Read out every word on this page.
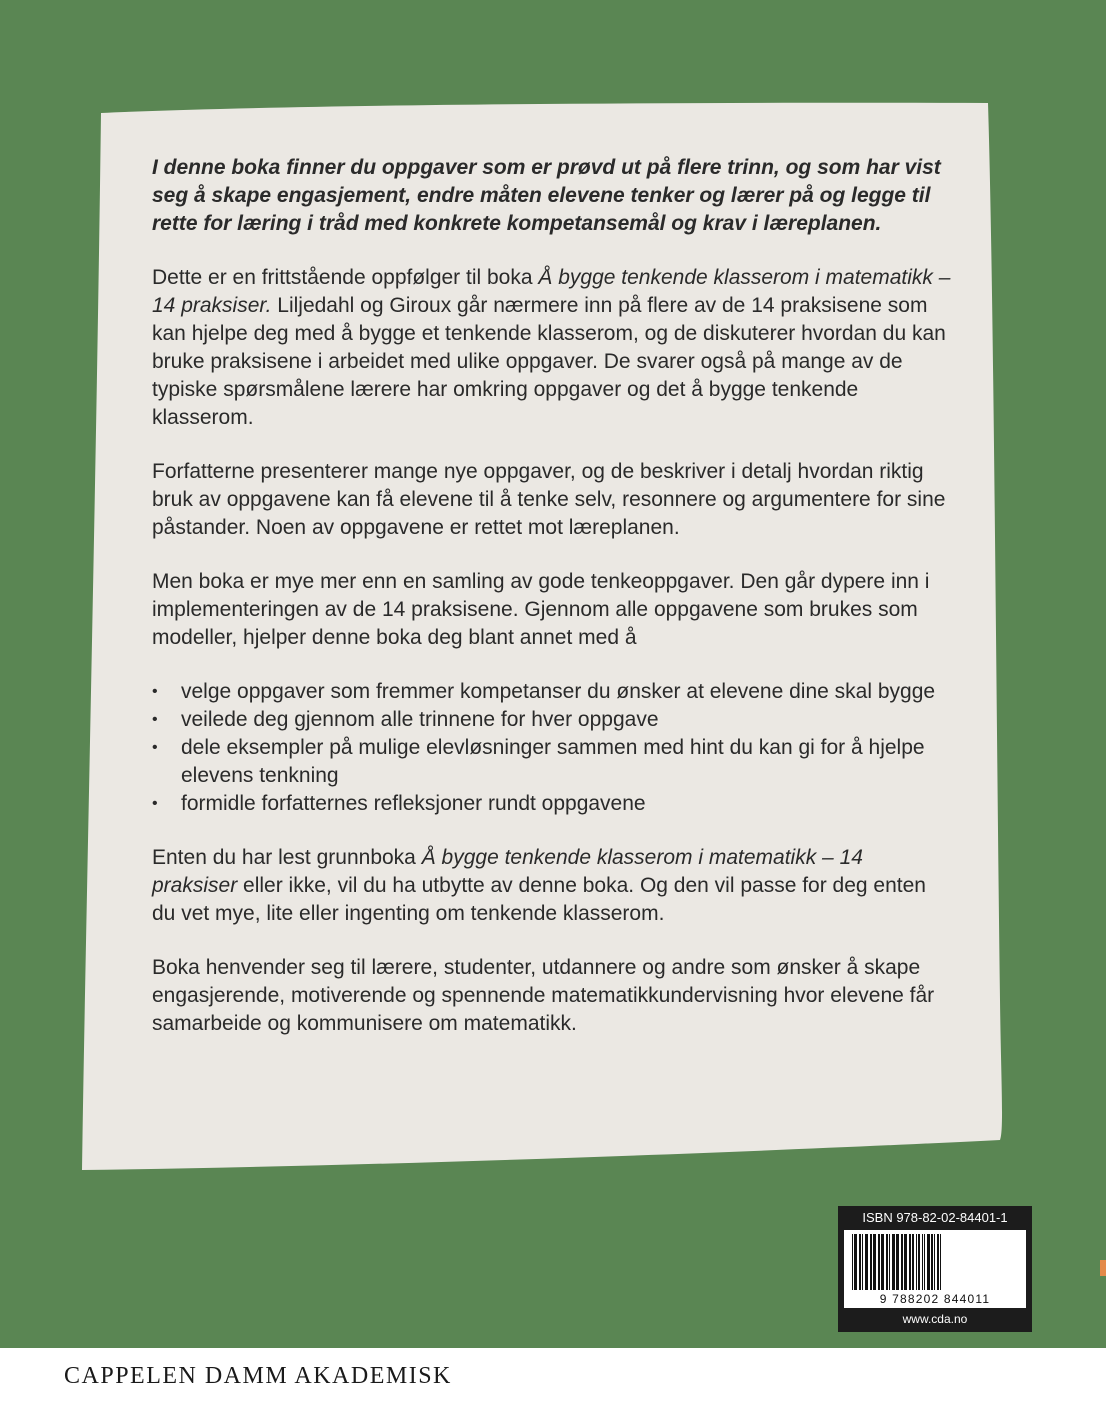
I denne boka finner du oppgaver som er prøvd ut på flere trinn, og som har vist seg å skape engasjement, endre måten elevene tenker og lærer på og legge til rette for læring i tråd med konkrete kompetansemål og krav i læreplanen.

Dette er en frittstående oppfølger til boka Å bygge tenkende klasserom i matematikk – 14 praksiser. Liljedahl og Giroux går nærmere inn på flere av de 14 praksisene som kan hjelpe deg med å bygge et tenkende klasserom, og de diskuterer hvordan du kan bruke praksisene i arbeidet med ulike oppgaver. De svarer også på mange av de typiske spørsmålene lærere har omkring oppgaver og det å bygge tenkende klasserom.

Forfatterne presenterer mange nye oppgaver, og de beskriver i detalj hvordan riktig bruk av oppgavene kan få elevene til å tenke selv, resonnere og argumentere for sine påstander. Noen av oppgavene er rettet mot læreplanen.

Men boka er mye mer enn en samling av gode tenkeoppgaver. Den går dypere inn i implementeringen av de 14 praksisene. Gjennom alle oppgavene som brukes som modeller, hjelper denne boka deg blant annet med å

• velge oppgaver som fremmer kompetanser du ønsker at elevene dine skal bygge
• veilede deg gjennom alle trinnene for hver oppgave
• dele eksempler på mulige elevløsninger sammen med hint du kan gi for å hjelpe elevens tenkning
• formidle forfatternes refleksjoner rundt oppgavene

Enten du har lest grunnboka Å bygge tenkende klasserom i matematikk – 14 praksiser eller ikke, vil du ha utbytte av denne boka. Og den vil passe for deg enten du vet mye, lite eller ingenting om tenkende klasserom.

Boka henvender seg til lærere, studenter, utdannere og andre som ønsker å skape engasjerende, motiverende og spennende matematikkundervisning hvor elevene får samarbeide og kommunisere om matematikk.

ISBN 978-82-02-84401-1
9 788202 844011
www.cda.no
CAPPELEN DAMM AKADEMISK
